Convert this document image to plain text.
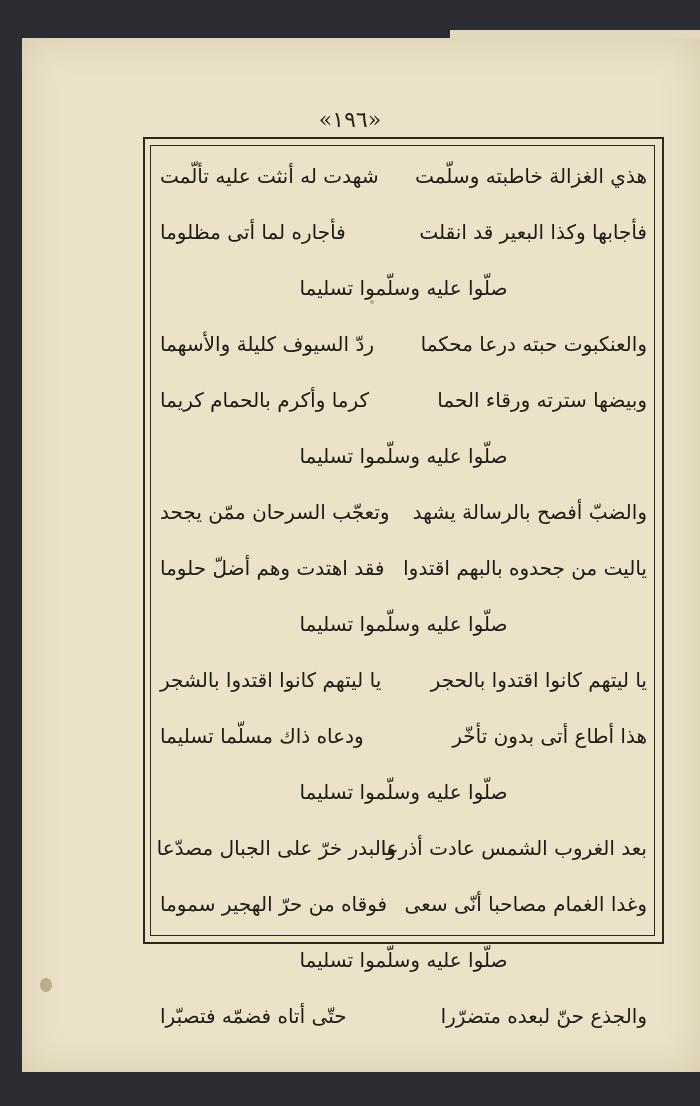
«١٩٦»
هذي الغزالة خاطبته وسلّمت
شهدت له أنثت عليه تألّمت
فأجابها وكذا البعير قد انقلت
فأجاره لما أتى مظلوما
صلّوا عليه وسلّموا تسليما
والعنكبوت حبته درعا محكما
ردّ السيوف كليلة والأسهما
وبيضها سترته ورقاء الحما
كرما وأكرم بالحمام كريما
صلّوا عليه وسلّموا تسليما
والضبّ أفصح بالرسالة يشهد
وتعجّب السرحان ممّن يجحد
ياليت من جحدوه بالبهم اقتدوا
فقد اهتدت وهم أضلّ حلوما
صلّوا عليه وسلّموا تسليما
يا ليتهم كانوا اقتدوا بالحجر
يا ليتهم كانوا اقتدوا بالشجر
هذا أطاع أتى بدون تأخّر
ودعاه ذاك مسلّما تسليما
صلّوا عليه وسلّموا تسليما
بعد الغروب الشمس عادت أذرعا
والبدر خرّ على الجبال مصدّعا
وغدا الغمام مصاحبا أنّى سعى
فوقاه من حرّ الهجير سموما
صلّوا عليه وسلّموا تسليما
والجذع حنّ لبعده متضرّرا
حتّى أتاه فضمّه فتصبّرا
